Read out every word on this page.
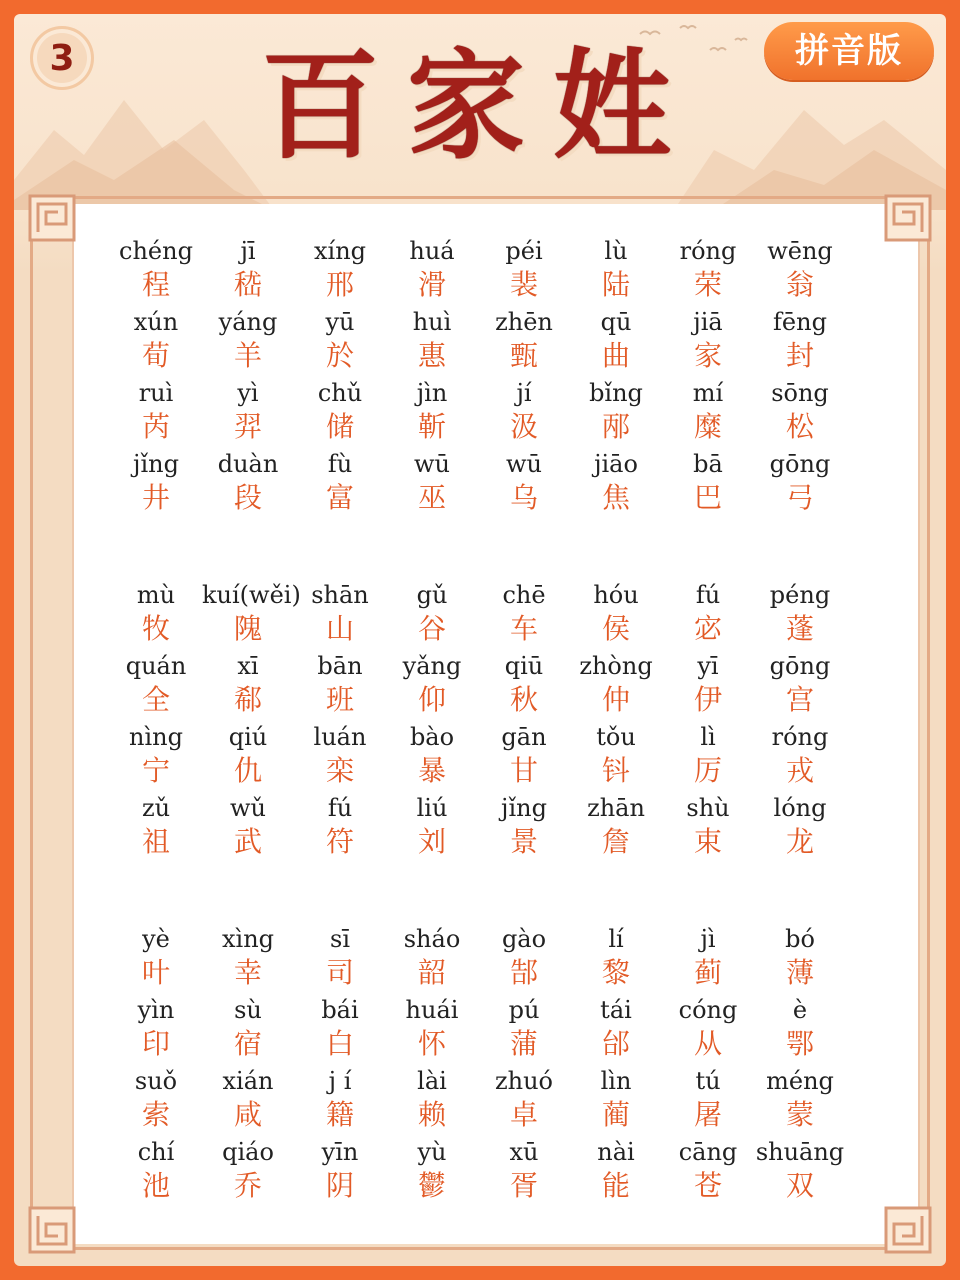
3	百家姓	拼音版
chéng
程
jī
嵇
xíng
邢
huá
滑
péi
裴
lù
陆
róng
荣
wēng
翁
xún
荀
yáng
羊
yū
於
huì
惠
zhēn
甄
qū
曲
jiā
家
fēng
封
ruì
芮
yì
羿
chǔ
储
jìn
靳
jí
汲
bǐng
邴
mí
糜
sōng
松
jǐng
井
duàn
段
fù
富
wū
巫
wū
乌
jiāo
焦
bā
巴
gōng
弓
mù
牧
kuí(wěi)
隗
shān
山
gǔ
谷
chē
车
hóu
侯
fú
宓
péng
蓬
quán
全
xī
郗
bān
班
yǎng
仰
qiū
秋
zhòng
仲
yī
伊
gōng
宫
nìng
宁
qiú
仇
luán
栾
bào
暴
gān
甘
tǒu
钭
lì
厉
róng
戎
zǔ
祖
wǔ
武
fú
符
liú
刘
jǐng
景
zhān
詹
shù
束
lóng
龙
yè
叶
xìng
幸
sī
司
sháo
韶
gào
郜
lí
黎
jì
蓟
bó
薄
yìn
印
sù
宿
bái
白
huái
怀
pú
蒲
tái
邰
cóng
从
è
鄂
suǒ
索
xián
咸
j í
籍
lài
赖
zhuó
卓
lìn
蔺
tú
屠
méng
蒙
chí
池
qiáo
乔
yīn
阴
yù
鬱
xū
胥
nài
能
cāng
苍
shuāng
双
